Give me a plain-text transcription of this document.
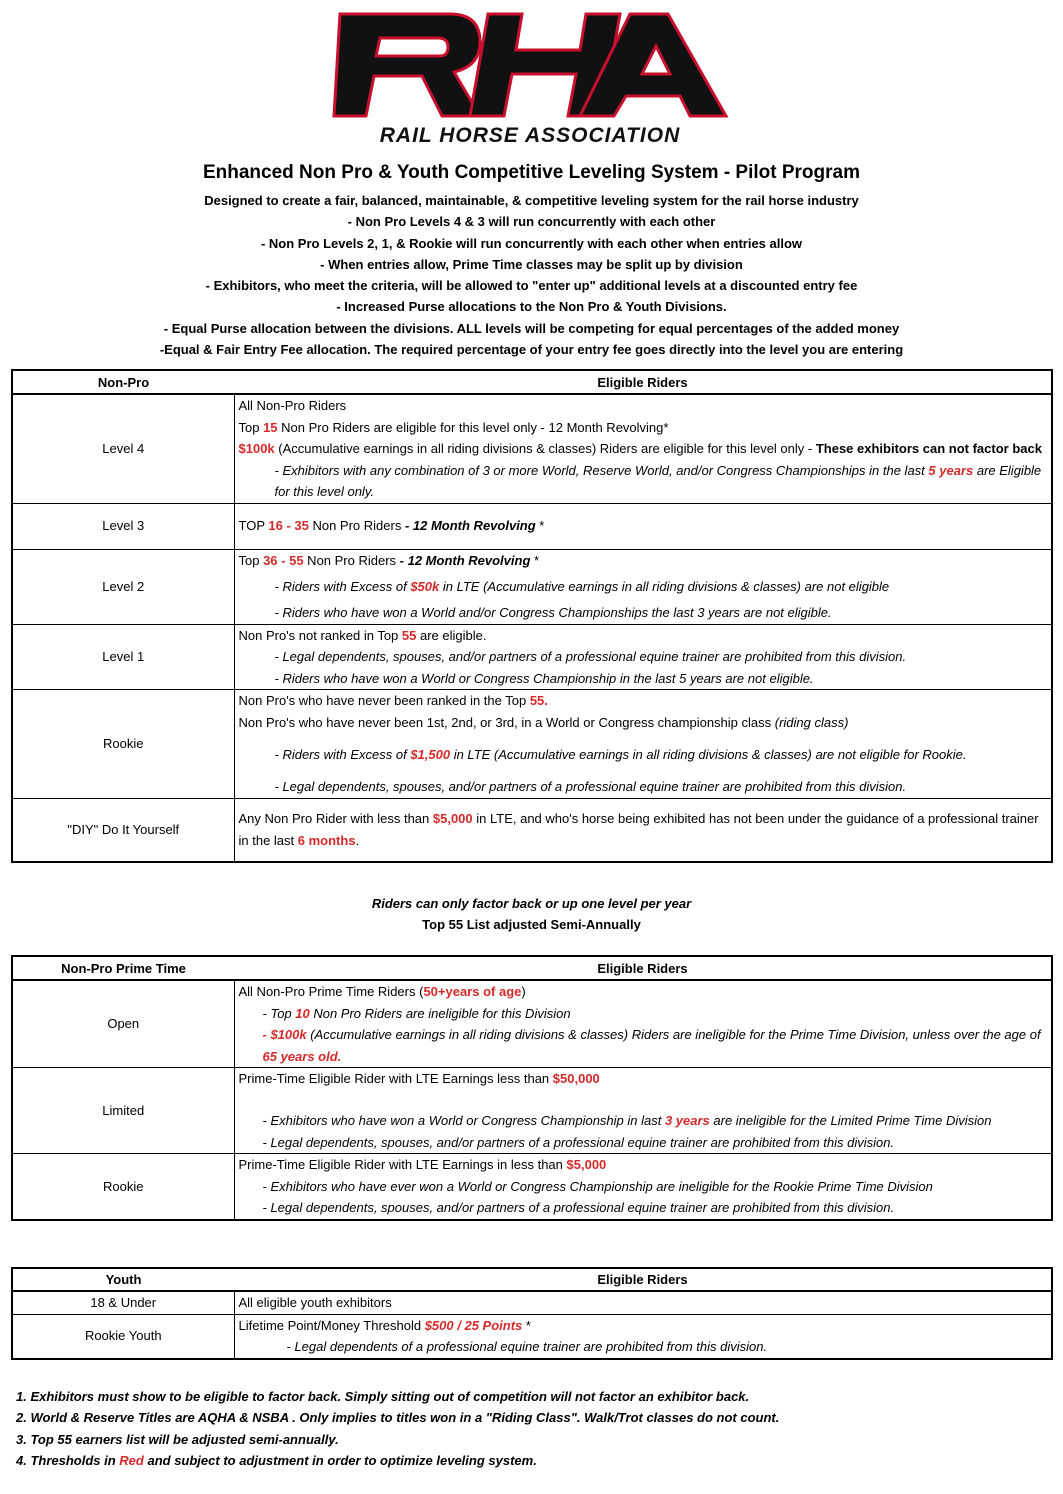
RAIL HORSE ASSOCIATION
Enhanced Non Pro & Youth Competitive Leveling System - Pilot Program
Designed to create a fair, balanced, maintainable, & competitive leveling system for the rail horse industry
- Non Pro Levels 4 & 3 will run concurrently with each other
- Non Pro Levels 2, 1, & Rookie will run concurrently with each other when entries allow
- When entries allow, Prime Time classes may be split up by division
- Exhibitors, who meet the criteria, will be allowed to "enter up" additional levels at a discounted entry fee
- Increased Purse allocations to the Non Pro & Youth Divisions.
- Equal Purse allocation between the divisions. ALL levels will be competing for equal percentages of the added money
-Equal & Fair Entry Fee allocation. The required percentage of your entry fee goes directly into the level you are entering
Non-Pro	Eligible Riders
Level 4	All Non-Pro Riders
Top 15 Non Pro Riders are eligible for this level only - 12 Month Revolving*
$100k (Accumulative earnings in all riding divisions & classes) Riders are eligible for this level only - These exhibitors can not factor back
- Exhibitors with any combination of 3 or more World, Reserve World, and/or Congress Championships in the last 5 years are Eligible for this level only.

Level 3	TOP 16 - 35 Non Pro Riders - 12 Month Revolving *
Level 2	Top 36 - 55 Non Pro Riders - 12 Month Revolving *
- Riders with Excess of $50k in LTE (Accumulative earnings in all riding divisions & classes) are not eligible
- Riders who have won a World and/or Congress Championships the last 3 years are not eligible.

Level 1	Non Pro's not ranked in Top 55 are eligible.
- Legal dependents, spouses, and/or partners of a professional equine trainer are prohibited from this division.
- Riders who have won a World or Congress Championship in the last 5 years are not eligible.

Rookie	Non Pro's who have never been ranked in the Top 55.
Non Pro's who have never been 1st, 2nd, or 3rd, in a World or Congress championship class (riding class)
- Riders with Excess of $1,500 in LTE (Accumulative earnings in all riding divisions & classes) are not eligible for Rookie.
- Legal dependents, spouses, and/or partners of a professional equine trainer are prohibited from this division.

"DIY" Do It Yourself	Any Non Pro Rider with less than $5,000 in LTE, and who's horse being exhibited has not been under the guidance of a professional trainer in the last 6 months.
Riders can only factor back or up one level per year
Top 55 List adjusted Semi-Annually
Non-Pro Prime Time	Eligible Riders
Open	All Non-Pro Prime Time Riders (50+years of age)
- Top 10 Non Pro Riders are ineligible for this Division
- $100k (Accumulative earnings in all riding divisions & classes) Riders are ineligible for the Prime Time Division, unless over the age of 65 years old.

Limited	Prime-Time Eligible Rider with LTE Earnings less than $50,000
- Exhibitors who have won a World or Congress Championship in last 3 years are ineligible for the Limited Prime Time Division
- Legal dependents, spouses, and/or partners of a professional equine trainer are prohibited from this division.

Rookie	Prime-Time Eligible Rider with LTE Earnings in less than $5,000
- Exhibitors who have ever won a World or Congress Championship are ineligible for the Rookie Prime Time Division
- Legal dependents, spouses, and/or partners of a professional equine trainer are prohibited from this division.
Youth	Eligible Riders
18 & Under	All eligible youth exhibitors
Rookie Youth	Lifetime Point/Money Threshold $500 / 25 Points *
- Legal dependents of a professional equine trainer are prohibited from this division.
1. Exhibitors must show to be eligible to factor back. Simply sitting out of competition will not factor an exhibitor back.
2. World & Reserve Titles are AQHA & NSBA . Only implies to titles won in a "Riding Class". Walk/Trot classes do not count.
3. Top 55 earners list will be adjusted semi-annually.
4. Thresholds in Red and subject to adjustment in order to optimize leveling system.
